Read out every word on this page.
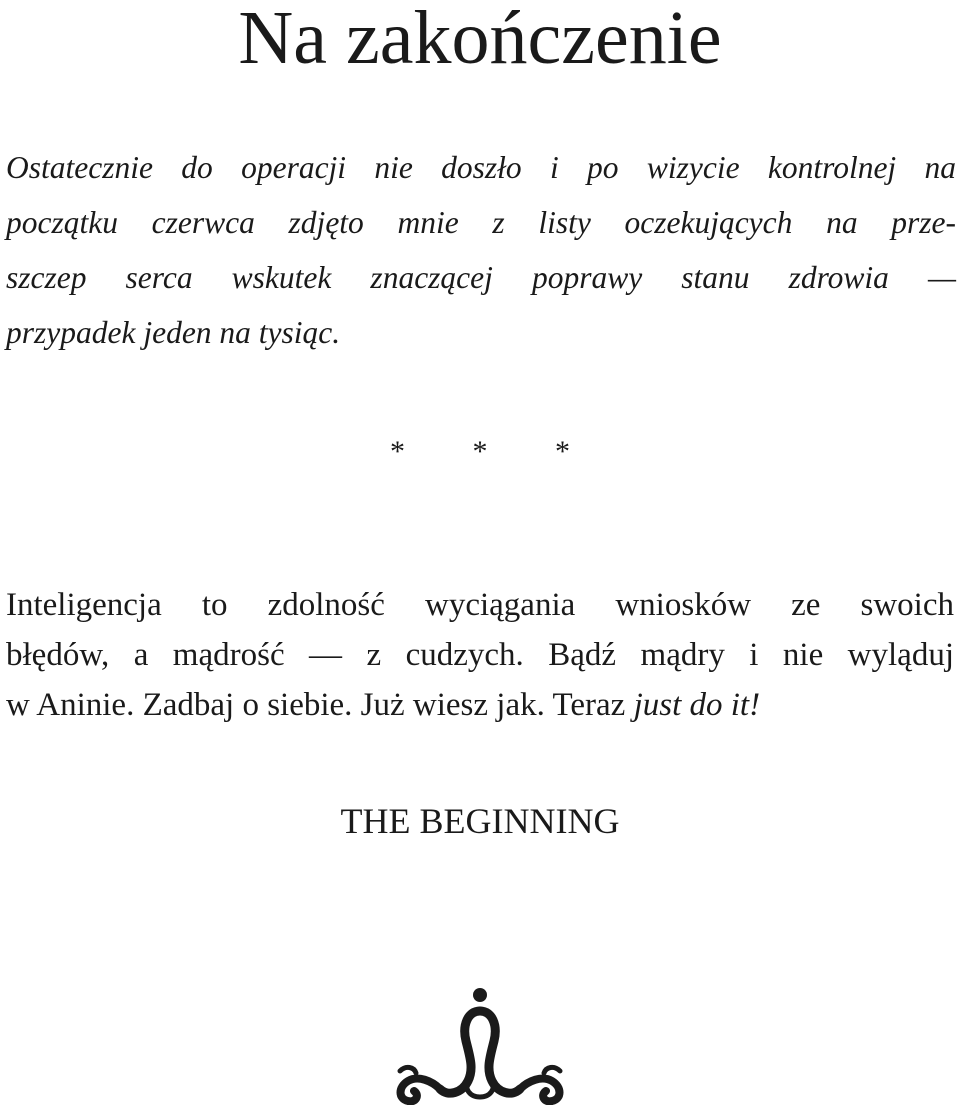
Na zakończenie

Ostatecznie do operacji nie doszło i po wizycie kontrolnej na
początku czerwca zdjęto mnie z listy oczekujących na prze-
szczep serca wskutek znaczącej poprawy stanu zdrowia —
przypadek jeden na tysiąc.

* * *

Inteligencja to zdolność wyciągania wniosków ze swoich
błędów, a mądrość — z cudzych. Bądź mądry i nie wyląduj
w Aninie. Zadbaj o siebie. Już wiesz jak. Teraz just do it!

THE BEGINNING
